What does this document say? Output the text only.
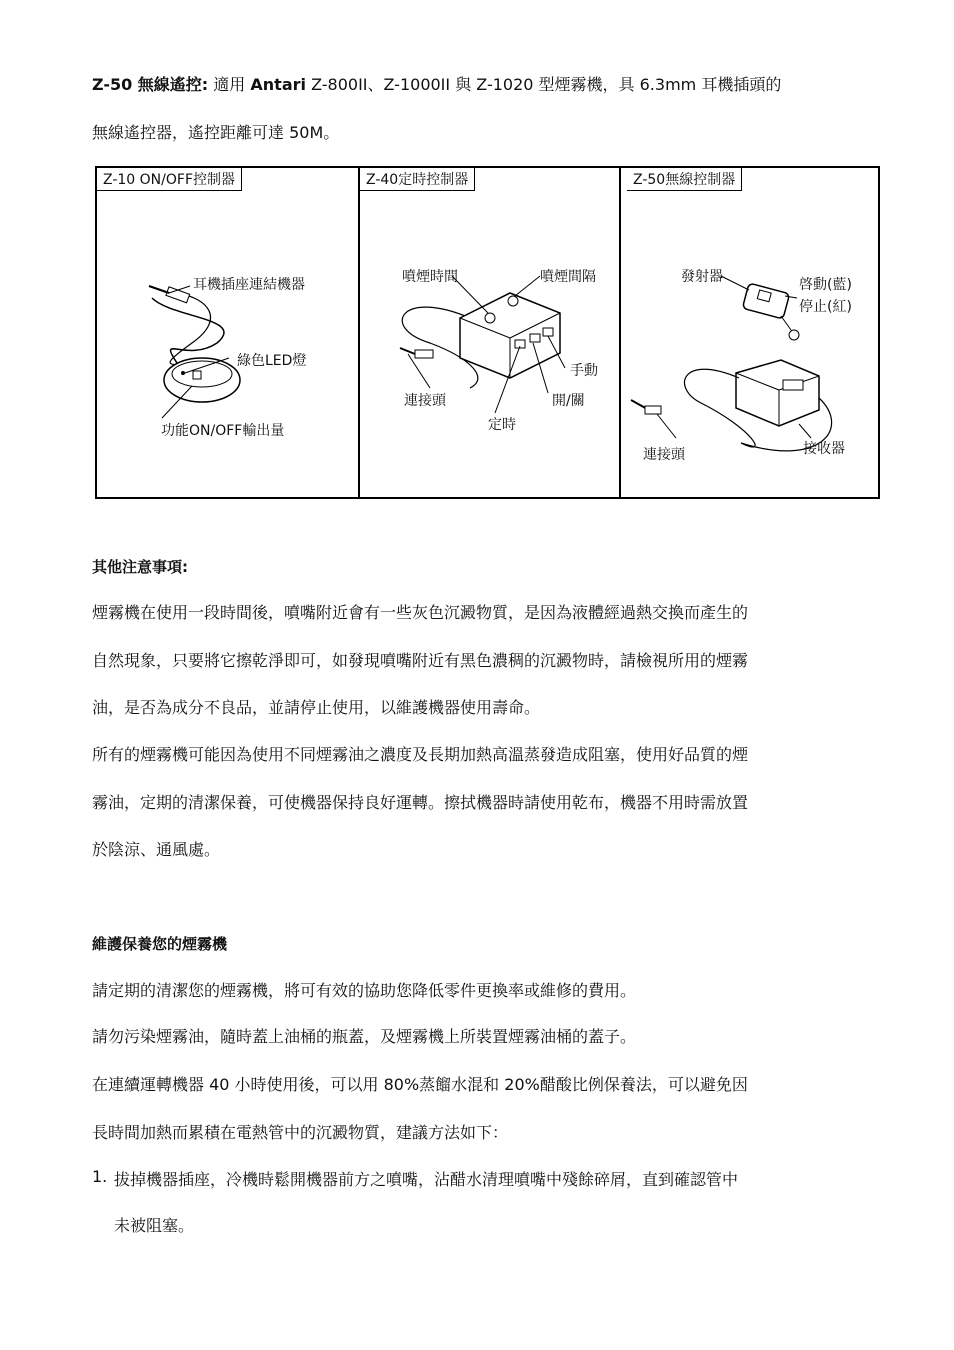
Z-50 無線遙控: 適用 Antari Z-800II、Z-1000II 與 Z-1020 型煙霧機，具 6.3mm 耳機插頭的
無線遙控器，遙控距離可達 50M。
Z-10 ON/OFF控制器
耳機插座連結機器
綠色LED燈
功能ON/OFF輸出量
Z-40定時控制器
噴煙時間	噴煙間隔
手動
連接頭	開/關
定時
Z-50無線控制器
發射器	啓動(藍)
停止(紅)
連接頭	接收器
其他注意事項:
煙霧機在使用一段時間後，噴嘴附近會有一些灰色沉澱物質，是因為液體經過熱交換而產生的
自然現象，只要將它擦乾淨即可，如發現噴嘴附近有黑色濃稠的沉澱物時，請檢視所用的煙霧
油，是否為成分不良品，並請停止使用，以維護機器使用壽命。
所有的煙霧機可能因為使用不同煙霧油之濃度及長期加熱高溫蒸發造成阻塞，使用好品質的煙
霧油，定期的清潔保養，可使機器保持良好運轉。擦拭機器時請使用乾布，機器不用時需放置
於陰涼、通風處。
維護保養您的煙霧機
請定期的清潔您的煙霧機，將可有效的協助您降低零件更換率或維修的費用。
請勿污染煙霧油，隨時蓋上油桶的瓶蓋，及煙霧機上所裝置煙霧油桶的蓋子。
在連續運轉機器 40 小時使用後，可以用 80%蒸餾水混和 20%醋酸比例保養法，可以避免因
長時間加熱而累積在電熱管中的沉澱物質，建議方法如下：
1. 拔掉機器插座，冷機時鬆開機器前方之噴嘴，沾醋水清理噴嘴中殘餘碎屑，直到確認管中
未被阻塞。
